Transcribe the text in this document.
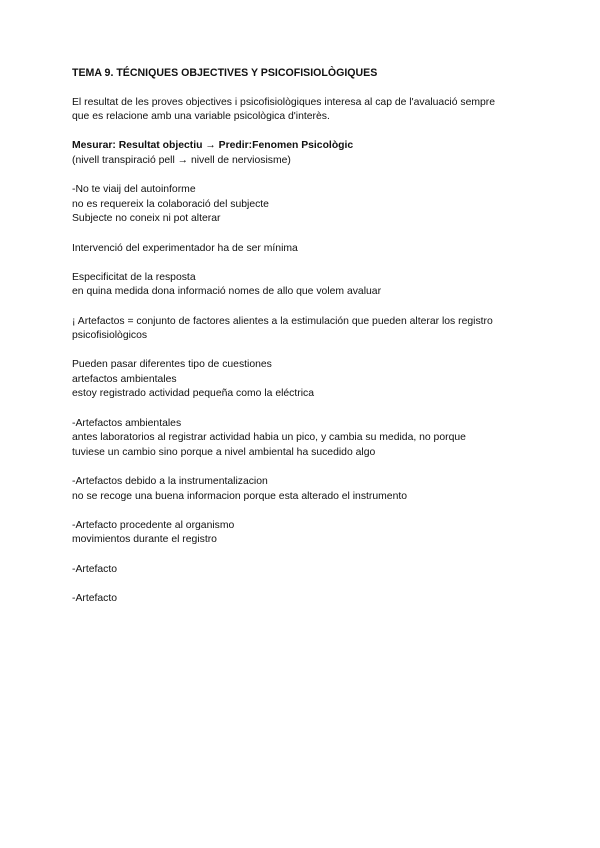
TEMA 9. TÉCNIQUES OBJECTIVES Y PSICOFISIOLÒGIQUES
El resultat de les proves objectives i psicofisiològiques interesa al cap de l'avaluació sempre
que es relacione amb una variable psicològica d'interès.
Mesurar: Resultat objectiu → Predir:Fenomen Psicològic
(nivell transpiració pell → nivell de nerviosisme)
-No te viaij del autoinforme
no es requereix la colaboració del subjecte
Subjecte no coneix ni pot alterar
Intervenció del experimentador ha de ser mínima
Especificitat de la resposta
en quina medida dona informació nomes de allo que volem avaluar
¡ Artefactos = conjunto de factores alientes a la estimulación que pueden alterar los registro
psicofisiològicos
Pueden pasar diferentes tipo de cuestiones
artefactos ambientales
estoy registrado actividad pequeña como la eléctrica
-Artefactos ambientales
antes laboratorios al registrar actividad habia un pico, y cambia su medida, no porque
tuviese un cambio sino porque a nivel ambiental ha sucedido algo
-Artefactos debido a la instrumentalizacion
no se recoge una buena informacion porque esta alterado el instrumento
-Artefacto procedente al organismo
movimientos durante el registro
-Artefacto
-Artefacto
